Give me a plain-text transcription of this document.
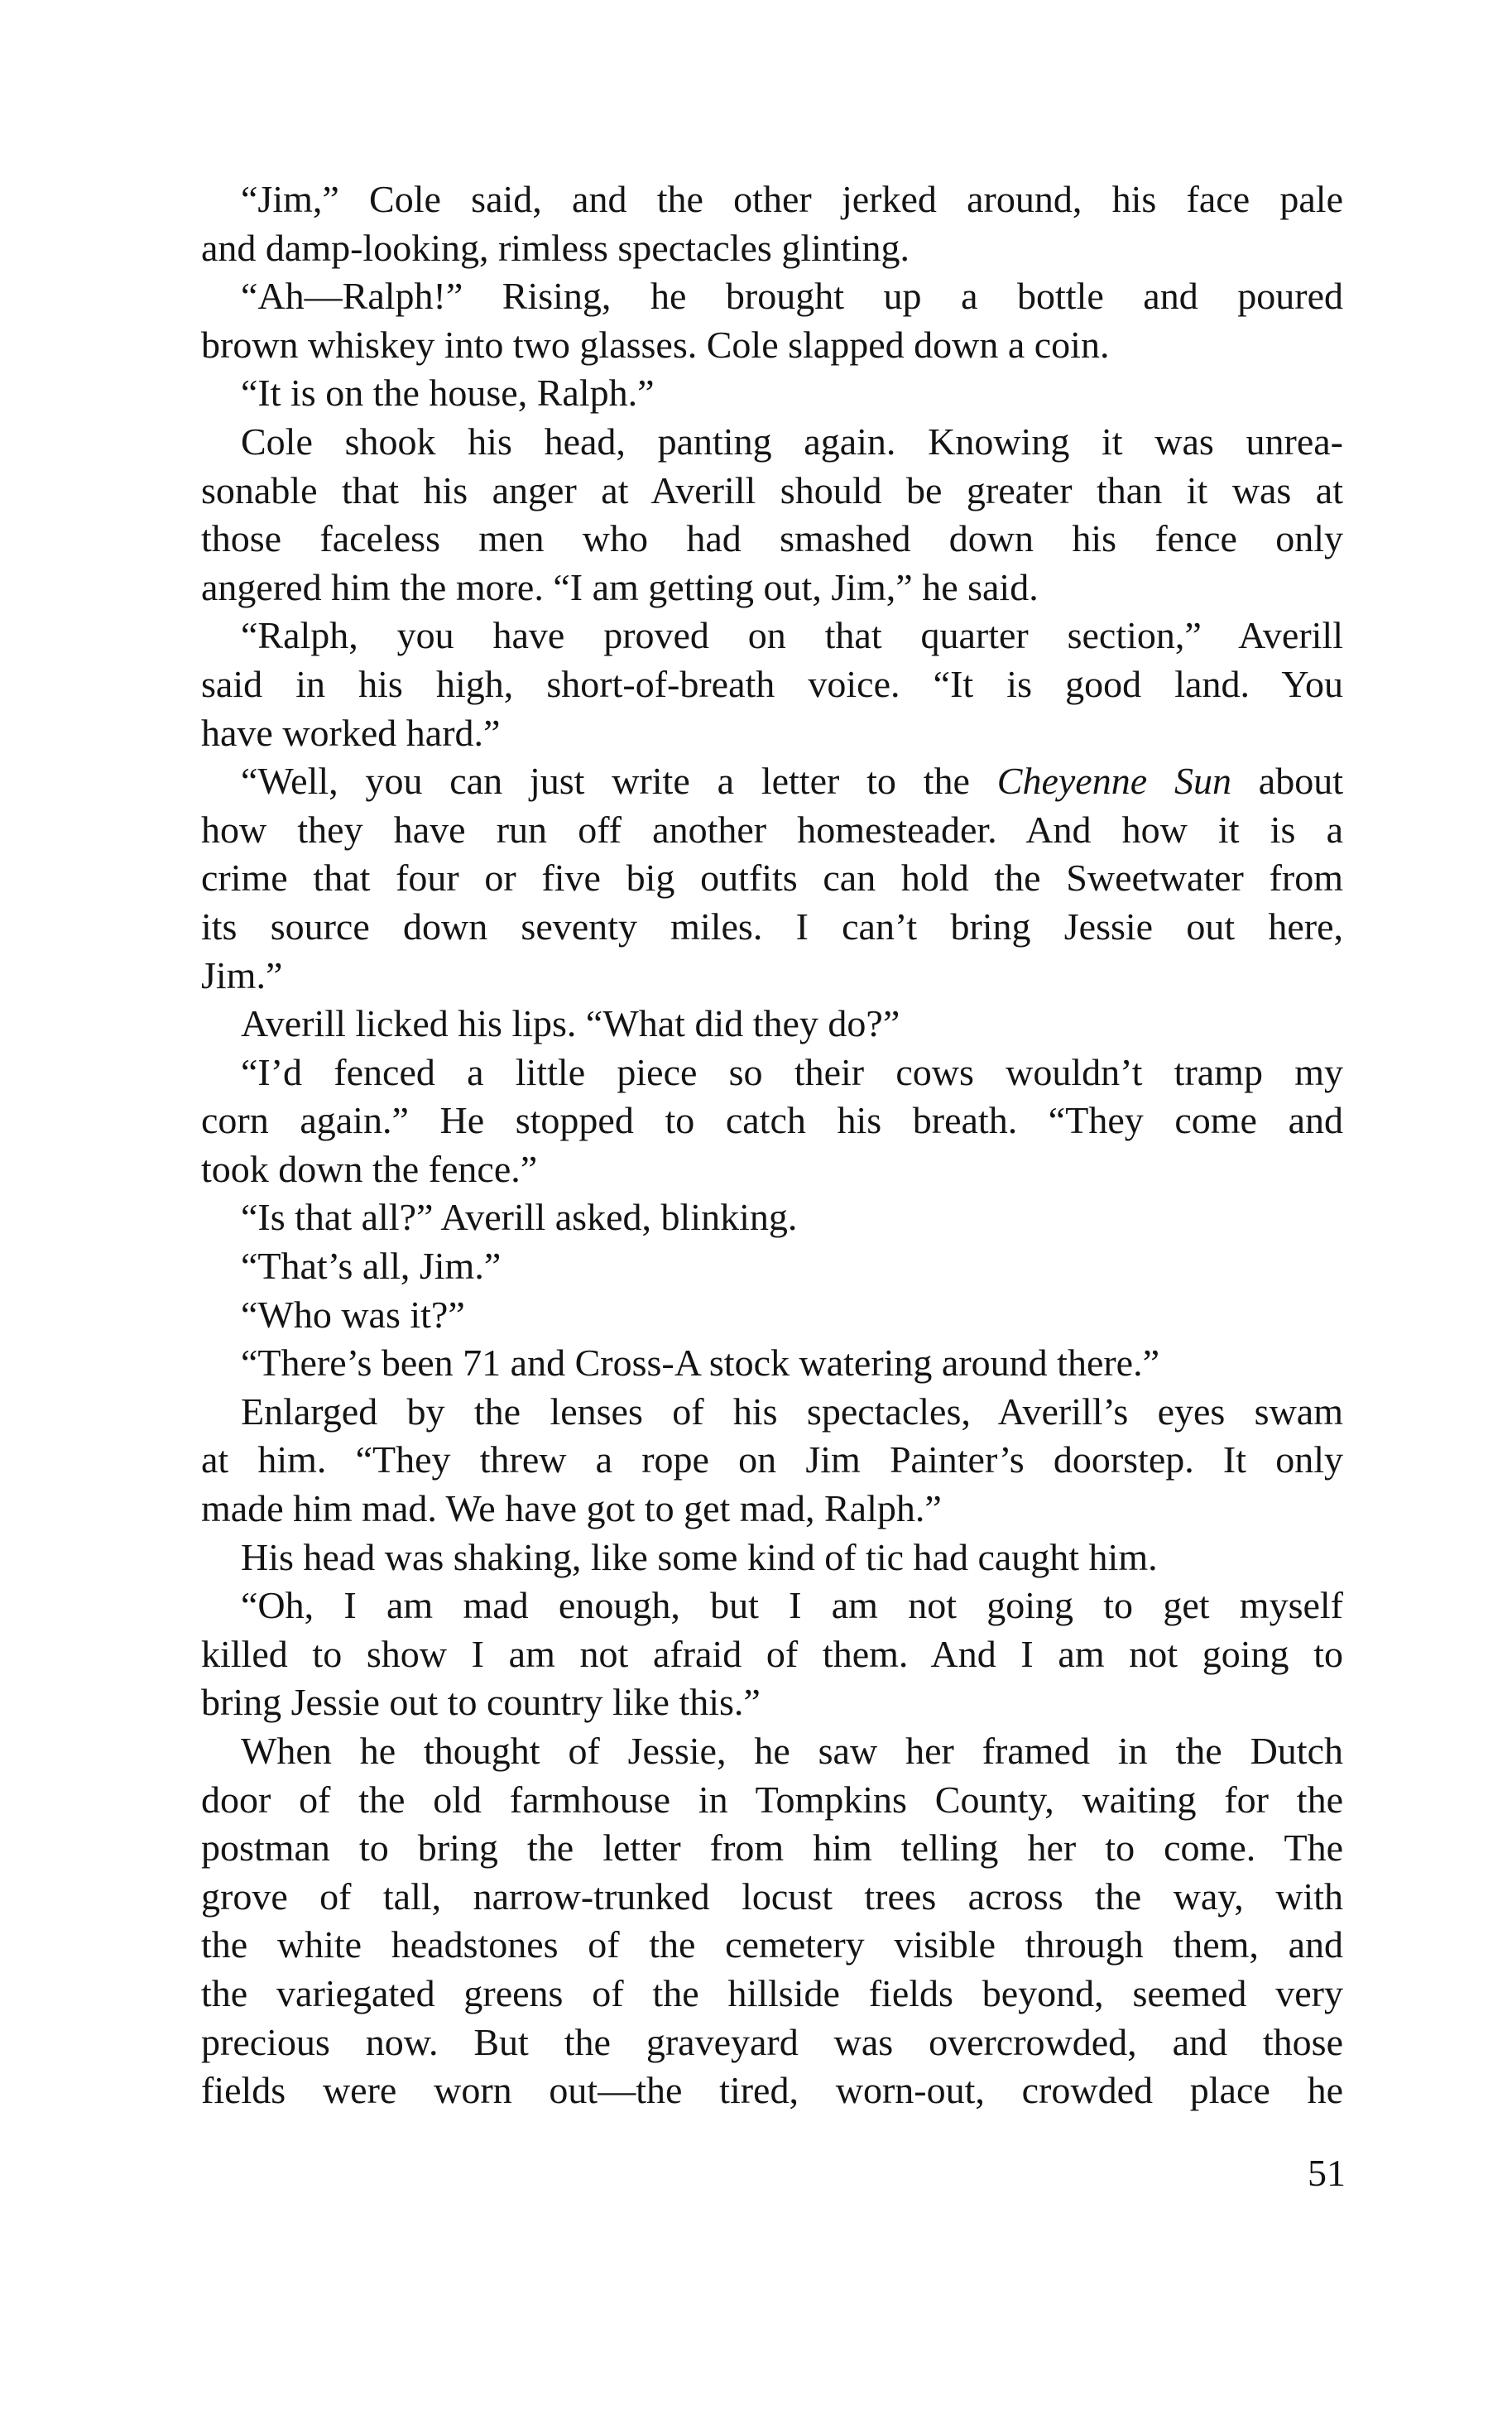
“Jim,” Cole said, and the other jerked around, his face pale
and damp-looking, rimless spectacles glinting.
“Ah—Ralph!” Rising, he brought up a bottle and poured
brown whiskey into two glasses. Cole slapped down a coin.
“It is on the house, Ralph.”
Cole shook his head, panting again. Knowing it was unrea-
sonable that his anger at Averill should be greater than it was at
those faceless men who had smashed down his fence only
angered him the more. “I am getting out, Jim,” he said.
“Ralph, you have proved on that quarter section,” Averill
said in his high, short-of-breath voice. “It is good land. You
have worked hard.”
“Well, you can just write a letter to the Cheyenne Sun about
how they have run off another homesteader. And how it is a
crime that four or five big outfits can hold the Sweetwater from
its source down seventy miles. I can’t bring Jessie out here,
Jim.”
Averill licked his lips. “What did they do?”
“I’d fenced a little piece so their cows wouldn’t tramp my
corn again.” He stopped to catch his breath. “They come and
took down the fence.”
“Is that all?” Averill asked, blinking.
“That’s all, Jim.”
“Who was it?”
“There’s been 71 and Cross-A stock watering around there.”
Enlarged by the lenses of his spectacles, Averill’s eyes swam
at him. “They threw a rope on Jim Painter’s doorstep. It only
made him mad. We have got to get mad, Ralph.”
His head was shaking, like some kind of tic had caught him.
“Oh, I am mad enough, but I am not going to get myself
killed to show I am not afraid of them. And I am not going to
bring Jessie out to country like this.”
When he thought of Jessie, he saw her framed in the Dutch
door of the old farmhouse in Tompkins County, waiting for the
postman to bring the letter from him telling her to come. The
grove of tall, narrow-trunked locust trees across the way, with
the white headstones of the cemetery visible through them, and
the variegated greens of the hillside fields beyond, seemed very
precious now. But the graveyard was overcrowded, and those
fields were worn out—the tired, worn-out, crowded place he
51
